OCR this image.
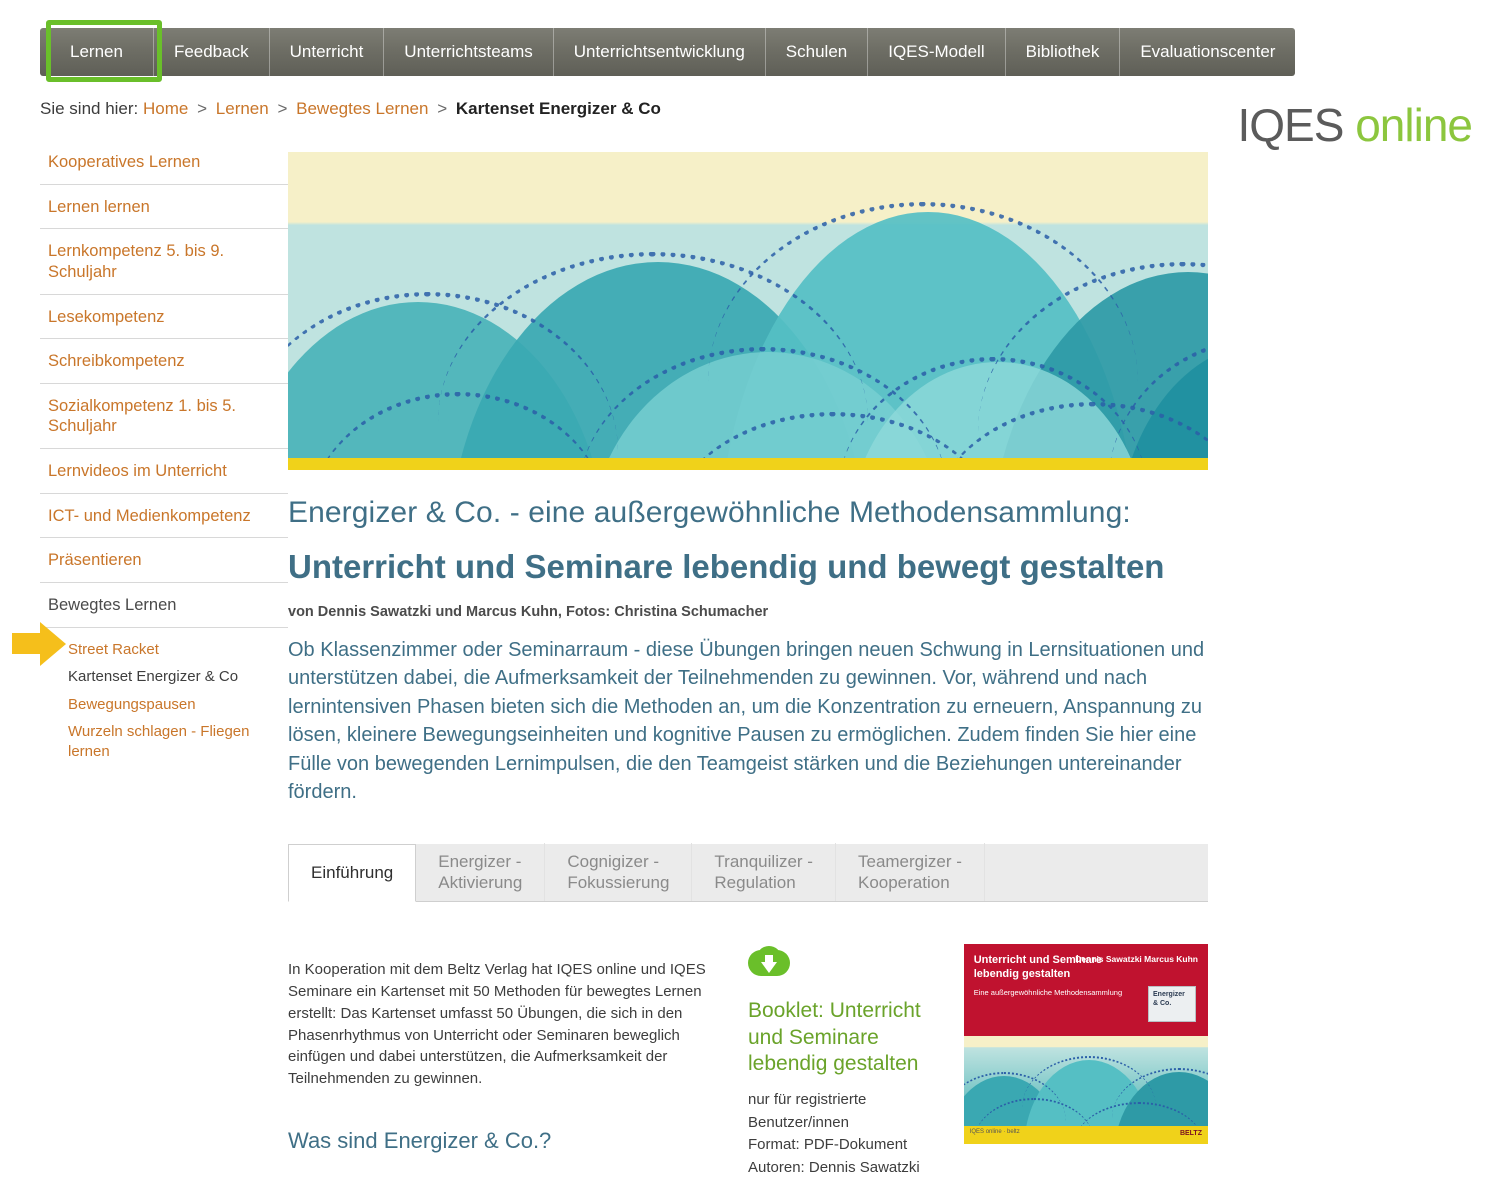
Lernen	Feedback Unterricht Unterrichtsteams Unterrichtsentwicklung Schulen IQES-Modell Bibliothek Evaluationscenter
Sie sind hier: Home > Lernen > Bewegtes Lernen > Kartenset Energizer & Co	IQES online
Kooperatives Lernen
Lernen lernen
Lernkompetenz 5. bis 9. Schuljahr
Lesekompetenz
Schreibkompetenz
Sozialkompetenz 1. bis 5. Schuljahr
Lernvideos im Unterricht
ICT- und Medienkompetenz
Präsentieren
Bewegtes Lernen
Street Racket
Kartenset Energizer & Co
Bewegungspausen
Wurzeln schlagen - Fliegen lernen
Energizer & Co. - eine außergewöhnliche Methodensammlung:
Unterricht und Seminare lebendig und bewegt gestalten

von Dennis Sawatzki und Marcus Kuhn, Fotos: Christina Schumacher

Ob Klassenzimmer oder Seminarraum - diese Übungen bringen neuen Schwung in Lernsituationen und unterstützen dabei, die Aufmerksamkeit der Teilnehmenden zu gewinnen. Vor, während und nach lernintensiven Phasen bieten sich die Methoden an, um die Konzentration zu erneuern, Anspannung zu lösen, kleinere Bewegungseinheiten und kognitive Pausen zu ermöglichen. Zudem finden Sie hier eine Fülle von bewegenden Lernimpulsen, die den Teamgeist stärken und die Beziehungen untereinander fördern.

Einführung
Energizer -
Aktivierung
Cognigizer -
Fokussierung
Tranquilizer -
Regulation
Teamergizer -
Kooperation

In Kooperation mit dem Beltz Verlag hat IQES online und IQES Seminare ein Kartenset mit 50 Methoden für bewegtes Lernen erstellt: Das Kartenset umfasst 50 Übungen, die sich in den Phasenrhythmus von Unterricht oder Seminaren beweglich einfügen und dabei unterstützen, die Aufmerksamkeit der Teilnehmenden zu gewinnen.

Was sind Energizer & Co.?
Booklet: Unterricht und Seminare lebendig gestalten
nur für registrierte Benutzer/innen
Format: PDF-Dokument
Autoren: Dennis Sawatzki
Unterricht und Seminare lebendig gestalten
Eine außergewöhnliche Methodensammlung
Dennis Sawatzki Marcus Kuhn
Energizer & Co.
IQES online · beltz	BELTZ
